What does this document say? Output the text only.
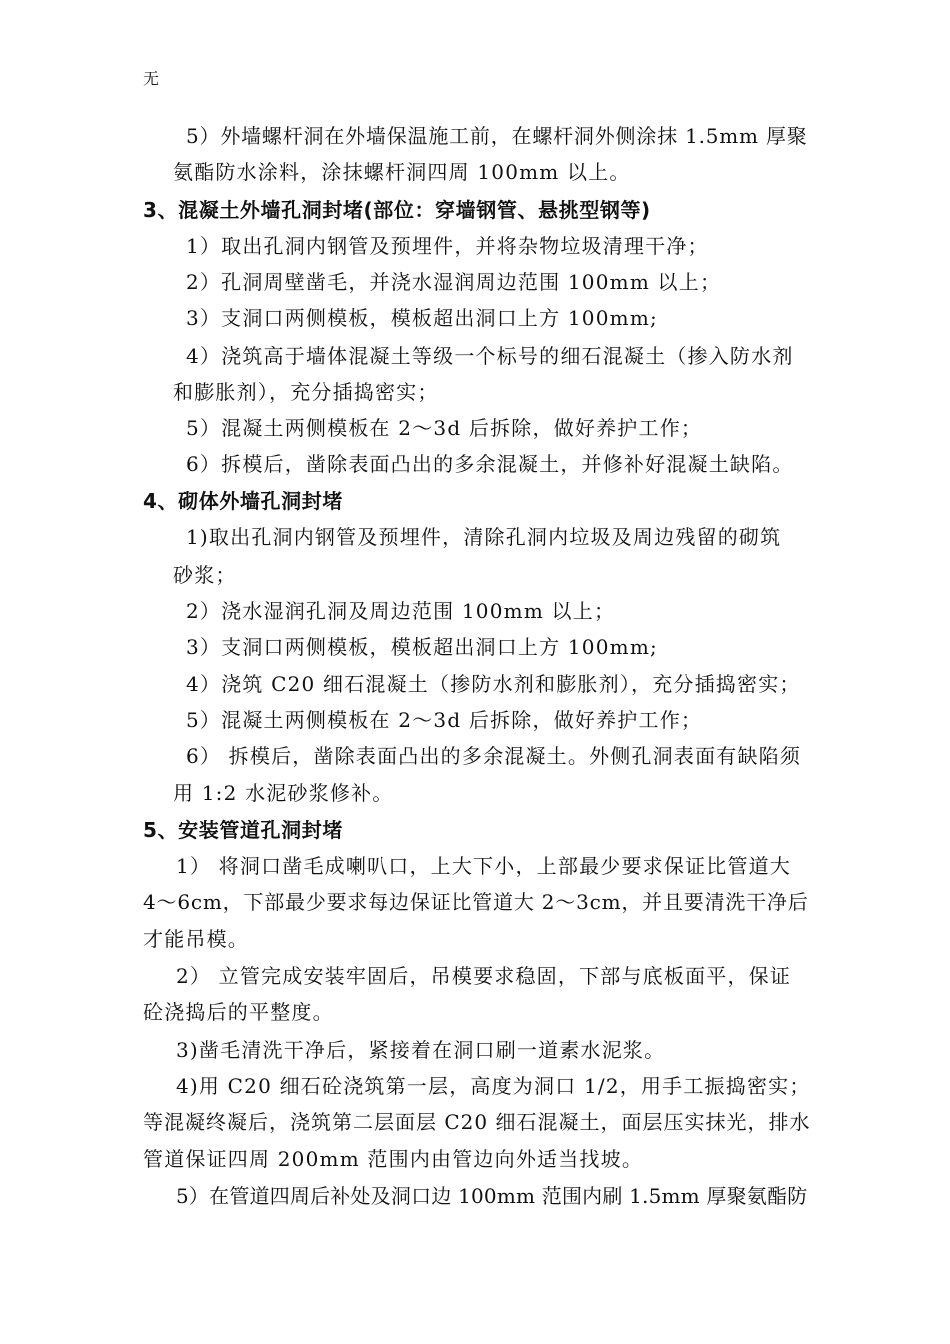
无
5）外墙螺杆洞在外墙保温施工前，在螺杆洞外侧涂抹 1.5mm 厚聚
氨酯防水涂料，涂抹螺杆洞四周 100mm 以上。
3、混凝土外墙孔洞封堵(部位：穿墙钢管、悬挑型钢等)
1）取出孔洞内钢管及预埋件，并将杂物垃圾清理干净；
2）孔洞周壁凿毛，并浇水湿润周边范围 100mm 以上；
3）支洞口两侧模板，模板超出洞口上方 100mm;
4）浇筑高于墙体混凝土等级一个标号的细石混凝土（掺入防水剂
和膨胀剂），充分插捣密实；
5）混凝土两侧模板在 2～3d 后拆除，做好养护工作；
6）拆模后，凿除表面凸出的多余混凝土，并修补好混凝土缺陷。
4、砌体外墙孔洞封堵
1)取出孔洞内钢管及预埋件，清除孔洞内垃圾及周边残留的砌筑
砂浆；
2）浇水湿润孔洞及周边范围 100mm 以上；
3）支洞口两侧模板，模板超出洞口上方 100mm;
4）浇筑 C20 细石混凝土（掺防水剂和膨胀剂），充分插捣密实；
5）混凝土两侧模板在 2～3d 后拆除，做好养护工作；
6） 拆模后，凿除表面凸出的多余混凝土。外侧孔洞表面有缺陷须
用 1:2 水泥砂浆修补。
5、安装管道孔洞封堵
1） 将洞口凿毛成喇叭口，上大下小，上部最少要求保证比管道大
4～6cm，下部最少要求每边保证比管道大 2～3cm，并且要清洗干净后
才能吊模。
2） 立管完成安装牢固后，吊模要求稳固，下部与底板面平，保证
砼浇捣后的平整度。
3)凿毛清洗干净后，紧接着在洞口刷一道素水泥浆。
4)用 C20 细石砼浇筑第一层，高度为洞口 1/2，用手工振捣密实；
等混凝终凝后，浇筑第二层面层 C20 细石混凝土，面层压实抹光，排水
管道保证四周 200mm 范围内由管边向外适当找坡。
5）在管道四周后补处及洞口边 100mm 范围内刷 1.5mm 厚聚氨酯防
